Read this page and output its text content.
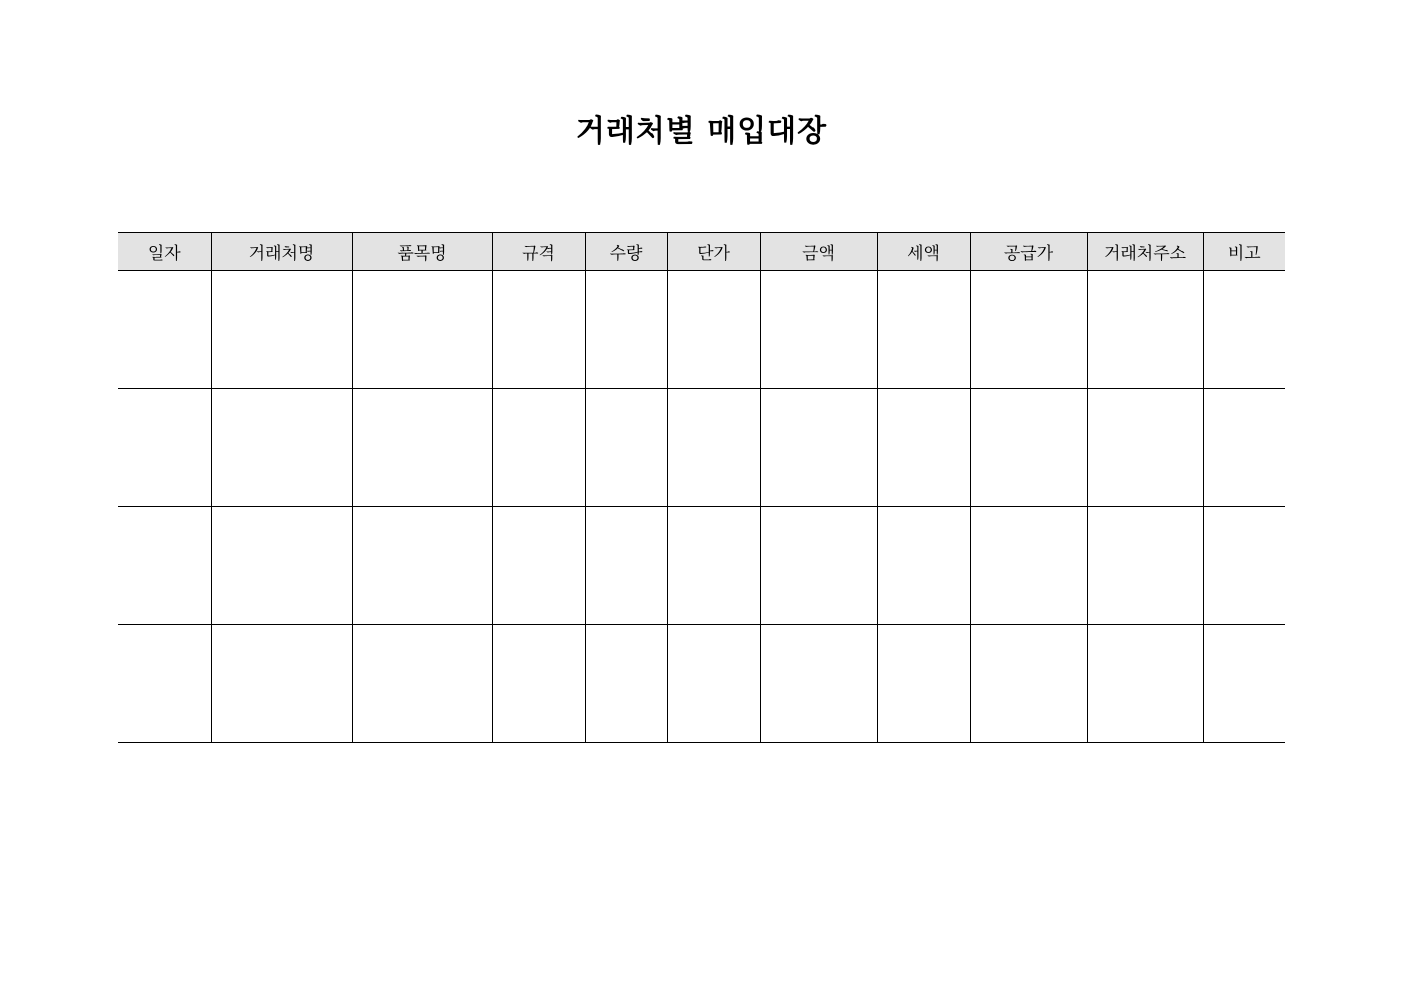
거래처별 매입대장
일자	거래처명	품목명	규격	수량	단가	금액	세액	공급가	거래처주소	비고
